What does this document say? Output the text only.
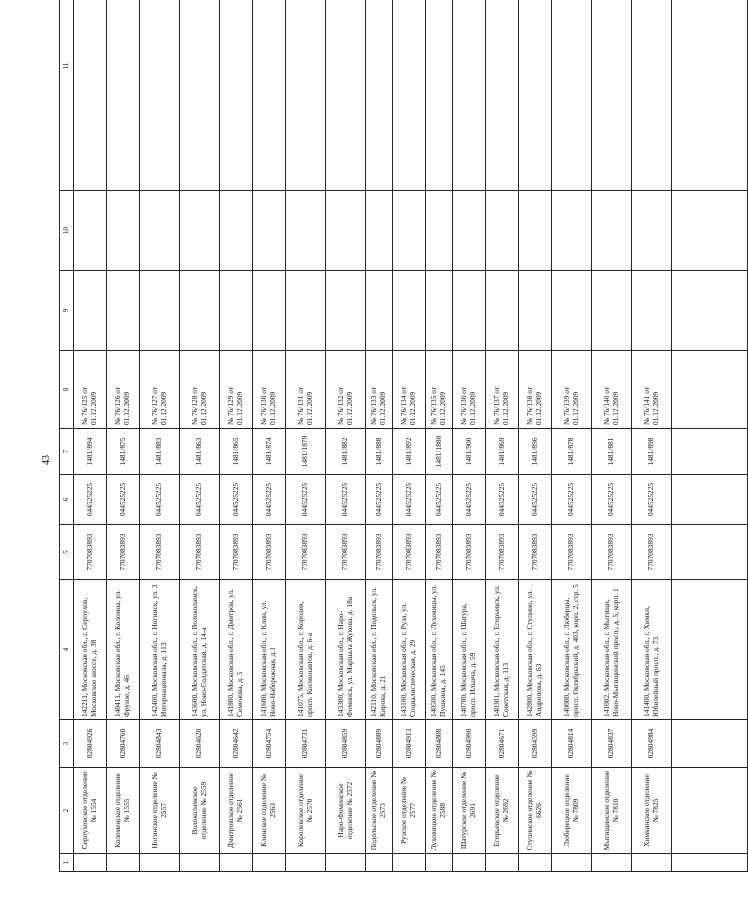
43
1	2	3	4	5	6	7	8	9	10	11
	Серпуховское отделение № 1554	02804926	142211, Московская обл., г. Серпухов, Московское шоссе, д. 38	7707083893	044525225	1481/894	№ 76/125 от 01.12.2009			
	Коломенское отделение № 1555	02804760	140411, Московская обл., г. Коломна, ул. Фрунзе, д. 46	7707083893	044525225	1481/875	№ 76/126 от 01.12.2009			
	Ногинское отделение № 2557	02804843	142400, Московская обл., г. Ногинск, ул. 3 Интернационала, д. 113	7707083893	044525225	1481/883	№ 76/127 от 01.12.2009			
	Волоколамское отделение № 2559	02804620	143600, Московская обл., г. Волоколамск, ул. Ново-Солдатская, д. 14-а	7707083893	044525225	1481/863	№ 76/128 от 01.12.2009			
	Дмитровское отделение № 2561	02804642	141800, Московская обл., г. Дмитров, ул. Семенова, д. 5	7707083893	044525225	1481/865	№ 76/129 от 01.12.2009			
	Клинское отделение № 2563	02804754	141600, Московская обл., г. Клин, ул. Ново-Набережная, д.1	7707083893	044525225	1481/874	№ 76/130 от 01.12.2009			
	Королевское отделение № 2570	02804731	141075, Московская обл., г. Королев, просп. Космонавтов, д. 6-а	7707083893	044525225	1481/1879	№ 76/131 от 01.12.2009			
	Наро-Фоминское отделение № 2572	02804859	143300, Московская обл., г. Наро-Фоминск, ул. Маршала Жукова, д. 18а	7707083893	044525225	1481/882	№ 76/132 от 01.12.2009			
	Подольское отделение № 2573	02804889	142110, Московская обл., г. Подольск, ул. Кирова, д. 21	7707083893	044525225	1481/888	№ 76/133 от 01.12.2009			
	Рузское отделение № 2577	02804913	143100, Московская обл., г. Руза, ул. Социалистическая, д. 29	7707083893	044525225	1481/892	№ 76/134 от 01.12.2009			
	Луховицкое отделение № 2588	02804808	140500, Московская обл., г. Луховицы, ул. Пушкина, д. 145	7707083893	044525225	1481/1880	№ 76/135 от 01.12.2009			
	Шатурское отделение № 2691	02804990	140700, Московская обл., г. Шатура, просп. Ильича, д. 59	7707083893	044525225	1481/900	№ 76/136 от 01.12.2009			
	Егорьевское отделение № 2692	02804671	140301, Московская обл., г. Егорьевск, ул. Советская, д. 113	7707083893	044525225	1481/869	№ 76/137 от 01.12.2009			
	Ступинское отделение № 6626	02804599	142800, Московская обл., г. Ступино, ул. Андропова, д. 63	7707083893	044525225	1481/896	№ 76/138 от 01.12.2009			
	Люберецкое отделение № 7809	02804814	140000, Московская обл., г. Люберцы, просп. Октябрьский, д. 403, корп. 2, стр. 5	7707083893	044525225	1481/878	№ 76/139 от 01.12.2009			
	Мытищинское отделение № 7810	02804837	141002, Московская обл., г. Мытищи, Ново-Мытищинский просп., д. 5, корп. 1	7707083893	044525225	1481/881	№ 76/140 от 01.12.2009			
	Химкинское отделение № 7825	02804984	141400, Московская обл., г. Химки, Юбилейный просп., д. 73	7707083893	044525225	1481/898	№ 76/141 от 01.12.2009			
